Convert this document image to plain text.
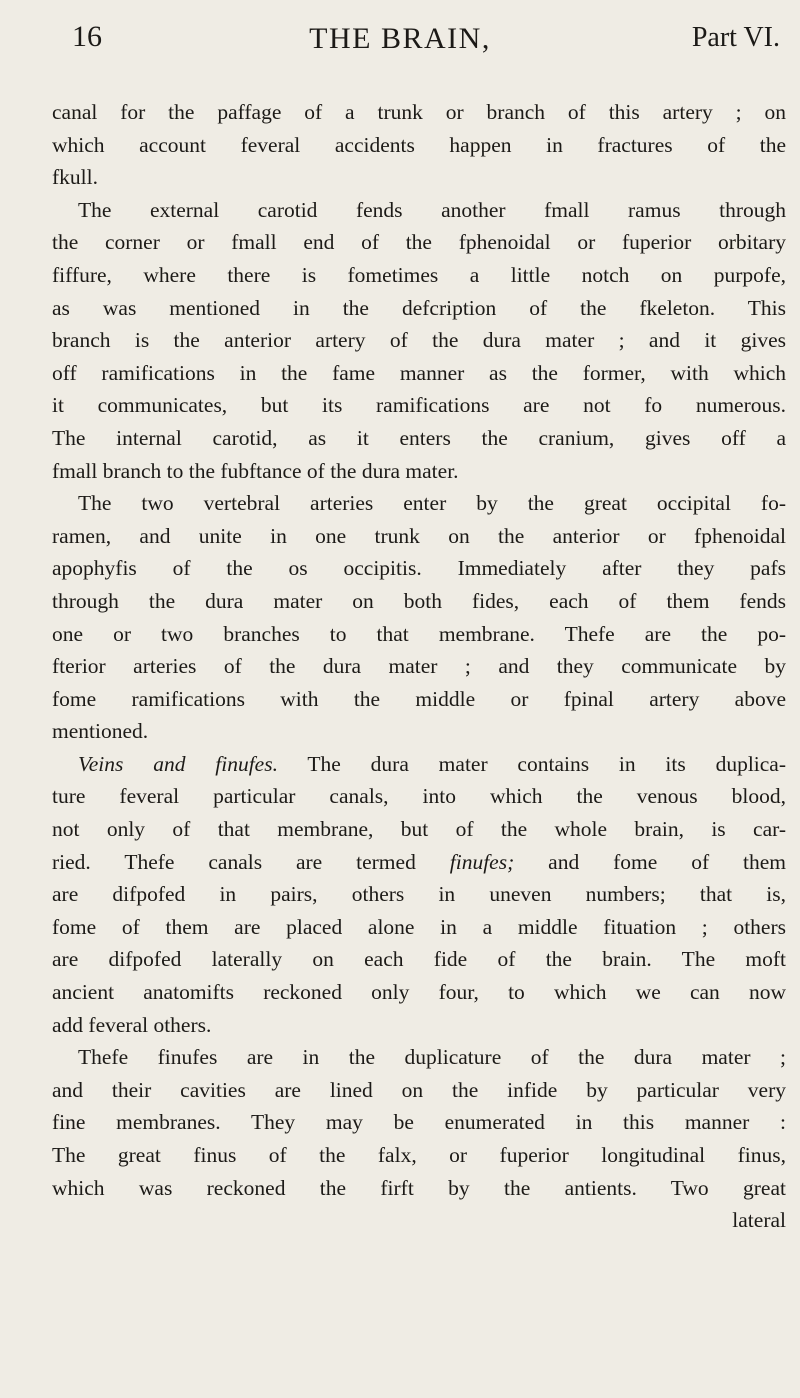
16	THE BRAIN,	Part VI.
canal for the paffage of a trunk or branch of this artery ; on
which account feveral accidents happen in fractures of the
fkull.
The external carotid fends another fmall ramus through
the corner or fmall end of the fphenoidal or fuperior orbitary
fiffure, where there is fometimes a little notch on purpofe,
as was mentioned in the defcription of the fkeleton. This
branch is the anterior artery of the dura mater ; and it gives
off ramifications in the fame manner as the former, with which
it communicates, but its ramifications are not fo numerous.
The internal carotid, as it enters the cranium, gives off a
fmall branch to the fubftance of the dura mater.
The two vertebral arteries enter by the great occipital fo-
ramen, and unite in one trunk on the anterior or fphenoidal
apophyfis of the os occipitis. Immediately after they pafs
through the dura mater on both fides, each of them fends
one or two branches to that membrane. Thefe are the po-
fterior arteries of the dura mater ; and they communicate by
fome ramifications with the middle or fpinal artery above
mentioned.
Veins and finufes. The dura mater contains in its duplica-
ture feveral particular canals, into which the venous blood,
not only of that membrane, but of the whole brain, is car-
ried. Thefe canals are termed finufes; and fome of them
are difpofed in pairs, others in uneven numbers; that is,
fome of them are placed alone in a middle fituation ; others
are difpofed laterally on each fide of the brain. The moft
ancient anatomifts reckoned only four, to which we can now
add feveral others.
Thefe finufes are in the duplicature of the dura mater ;
and their cavities are lined on the infide by particular very
fine membranes. They may be enumerated in this manner :
The great finus of the falx, or fuperior longitudinal finus,
which was reckoned the firft by the antients. Two great
lateral
